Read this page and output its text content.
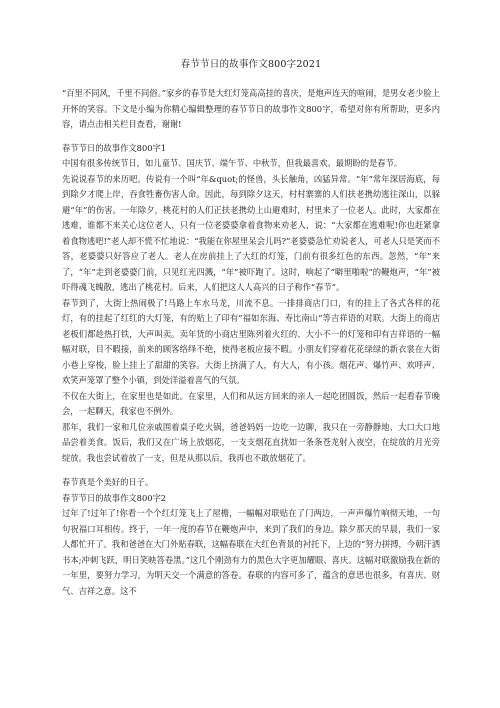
春节节日的故事作文800字2021

“百里不同风，千里不同俗。”家乡的春节是大红灯笼高高挂的喜庆，是炮声连天的喧闹，是男女老少脸上开怀的笑容。下文是小编为你精心编辑整理的春节节日的故事作文800字，希望对你有所帮助，更多内容，请点击相关栏目查看，谢谢!

春节节日的故事作文800字1

中国有很多传统节日，如儿童节、国庆节、端午节、中秋节，但我最喜欢、最期盼的是春节。

先说说春节的来历吧。传说有一个叫“年&quot;的怪兽，头长触角，凶猛异常。“年”常年深居海底，每到除夕才爬上岸，吞食牲畜伤害人命。因此，每到除夕这天，村村寨寨的人们扶老携幼逃往深山，以躲避“年”的伤害。一年除夕，桃花村的人们正扶老携幼上山避难时，村里来了一位老人。此时，大家都在逃难，谁都不来关心这位老人，只有一位老婆婆拿着食物来劝老人，说：“大家都在逃难呢!你也赶紧拿着食物逃吧!”老人却不慌不忙地说：“我能在你屋里呆会儿吗?”老婆婆急忙劝说老人，可老人只是笑而不答，老婆婆只好答应了老人。老人在房前挂上了大红的灯笼，门前有很多红色的东西。忽然，“年”来了，“年”走到老婆婆门前，只见红光四溅，“年”被吓跑了。这时，响起了“噼里啪啦”的鞭炮声，“年”被吓得魂飞魄散，逃出了桃花村。后来，人们把这人人高兴的日子称作“春节”。

春节到了，大街上热闹极了!马路上车水马龙，川流不息。一排排商店门口，有的挂上了各式各样的花灯，有的挂起了红红的大灯笼，有的贴上了印有“福如东海、寿比南山”等吉祥语的对联。大街上的商店老板们都趁热打铁，大声叫卖。卖年货的小商店里陈列着火红的、大小不一的灯笼和印有吉祥语的一幅幅对联，目不暇接，前来的顾客络绎不绝，使得老板应接不暇。小朋友们穿着花花绿绿的新衣裳在大街小巷上穿梭，脸上挂上了甜甜的笑容。大街上挤满了人，有大人，有小孩。烟花声、爆竹声、欢呼声、欢笑声笼罩了整个小镇，到处洋溢着喜气的气氛。

不仅在大街上，在家里也是如此。在家里，人们和从远方回来的亲人一起吃团圆饭，然后一起看春节晚会，一起聊天，我家也不例外。

那年，我们一家和几位亲戚围着桌子吃火锅，爸爸妈妈一边吃一边聊，我只在一旁静静地、大口大口地品尝着美食。饭后，我们又在广场上放烟花，一支支烟花直扰如一条条苍龙射入夜空，在绽放的月光旁绽放。我也尝试着放了一支，但是从那以后，我再也不敢放烟花了。

春节真是个美好的日子。

春节节日的故事作文800字2

过年了!过年了!你看一个个红灯笼飞上了屋檐，一幅幅对联贴在了门两边，一声声爆竹响彻天地，一句句祝福口耳相传。终于，一年一度的春节在鞭炮声中，来到了我们的身边。除夕那天的早晨，我们一家人都忙开了。我和爸爸在大门外贴春联，这幅春联在大红色背景的衬托下，上边的“努力拼搏，今朝汗洒书本;冲刺飞跃，明日笑映答卷黑。”这几个刚劲有力的黑色大字更加耀眼、喜庆。这幅对联激励我在新的一年里，要努力学习，为明天交一个满意的答卷。春联的内容可多了，蕴含的意思也很多，有喜庆、财气、吉祥之意。这不
